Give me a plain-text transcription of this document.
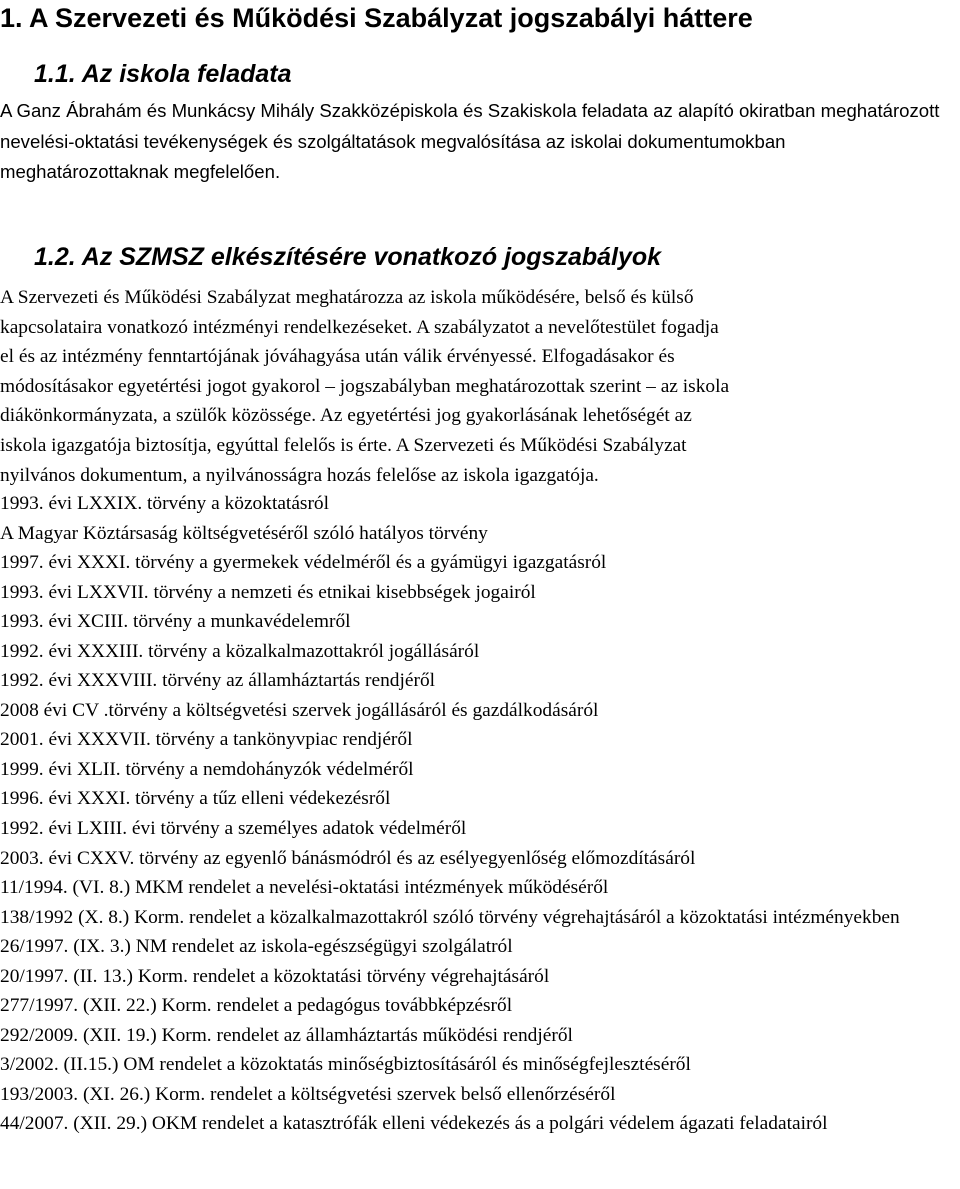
1. A Szervezeti és Működési Szabályzat jogszabályi háttere
1.1. Az iskola feladata

A Ganz Ábrahám és Munkácsy Mihály Szakközépiskola és Szakiskola feladata az alapító okiratban meghatározott nevelési-oktatási tevékenységek és szolgáltatások megvalósítása az iskolai dokumentumokban meghatározottaknak megfelelően.

1.2. Az SZMSZ elkészítésére vonatkozó jogszabályok

A Szervezeti és Működési Szabályzat meghatározza az iskola működésére, belső és külső
kapcsolataira vonatkozó intézményi rendelkezéseket. A szabályzatot a nevelőtestület fogadja
el és az intézmény fenntartójának jóváhagyása után válik érvényessé. Elfogadásakor és
módosításakor egyetértési jogot gyakorol – jogszabályban meghatározottak szerint – az iskola
diákönkormányzata, a szülők közössége. Az egyetértési jog gyakorlásának lehetőségét az
iskola igazgatója biztosítja, egyúttal felelős is érte. A Szervezeti és Működési Szabályzat
nyilvános dokumentum, a nyilvánosságra hozás felelőse az iskola igazgatója.

1993. évi LXXIX. törvény a közoktatásról
A Magyar Köztársaság költségvetéséről szóló hatályos törvény
1997. évi XXXI. törvény a gyermekek védelméről és a gyámügyi igazgatásról
1993. évi LXXVII. törvény a nemzeti és etnikai kisebbségek jogairól
1993. évi XCIII. törvény a munkavédelemről
1992. évi XXXIII. törvény a közalkalmazottakról jogállásáról
1992. évi XXXVIII. törvény az államháztartás rendjéről
2008 évi CV .törvény a költségvetési szervek jogállásáról és gazdálkodásáról
2001. évi XXXVII. törvény a tankönyvpiac rendjéről
1999. évi XLII. törvény a nemdohányzók védelméről
1996. évi XXXI. törvény a tűz elleni védekezésről
1992. évi LXIII. évi törvény a személyes adatok védelméről
2003. évi CXXV. törvény az egyenlő bánásmódról és az esélyegyenlőség előmozdításáról
11/1994. (VI. 8.) MKM rendelet a nevelési-oktatási intézmények működéséről
138/1992 (X. 8.) Korm. rendelet a közalkalmazottakról szóló törvény végrehajtásáról a közoktatási intézményekben
26/1997. (IX. 3.) NM rendelet az iskola-egészségügyi szolgálatról
20/1997. (II. 13.) Korm. rendelet a közoktatási törvény végrehajtásáról
277/1997. (XII. 22.) Korm. rendelet a pedagógus továbbképzésről
292/2009. (XII. 19.) Korm. rendelet az államháztartás működési rendjéről
3/2002. (II.15.) OM rendelet a közoktatás minőségbiztosításáról és minőségfejlesztéséről
193/2003. (XI. 26.) Korm. rendelet a költségvetési szervek belső ellenőrzéséről
44/2007. (XII. 29.) OKM rendelet a katasztrófák elleni védekezés ás a polgári védelem ágazati feladatairól
